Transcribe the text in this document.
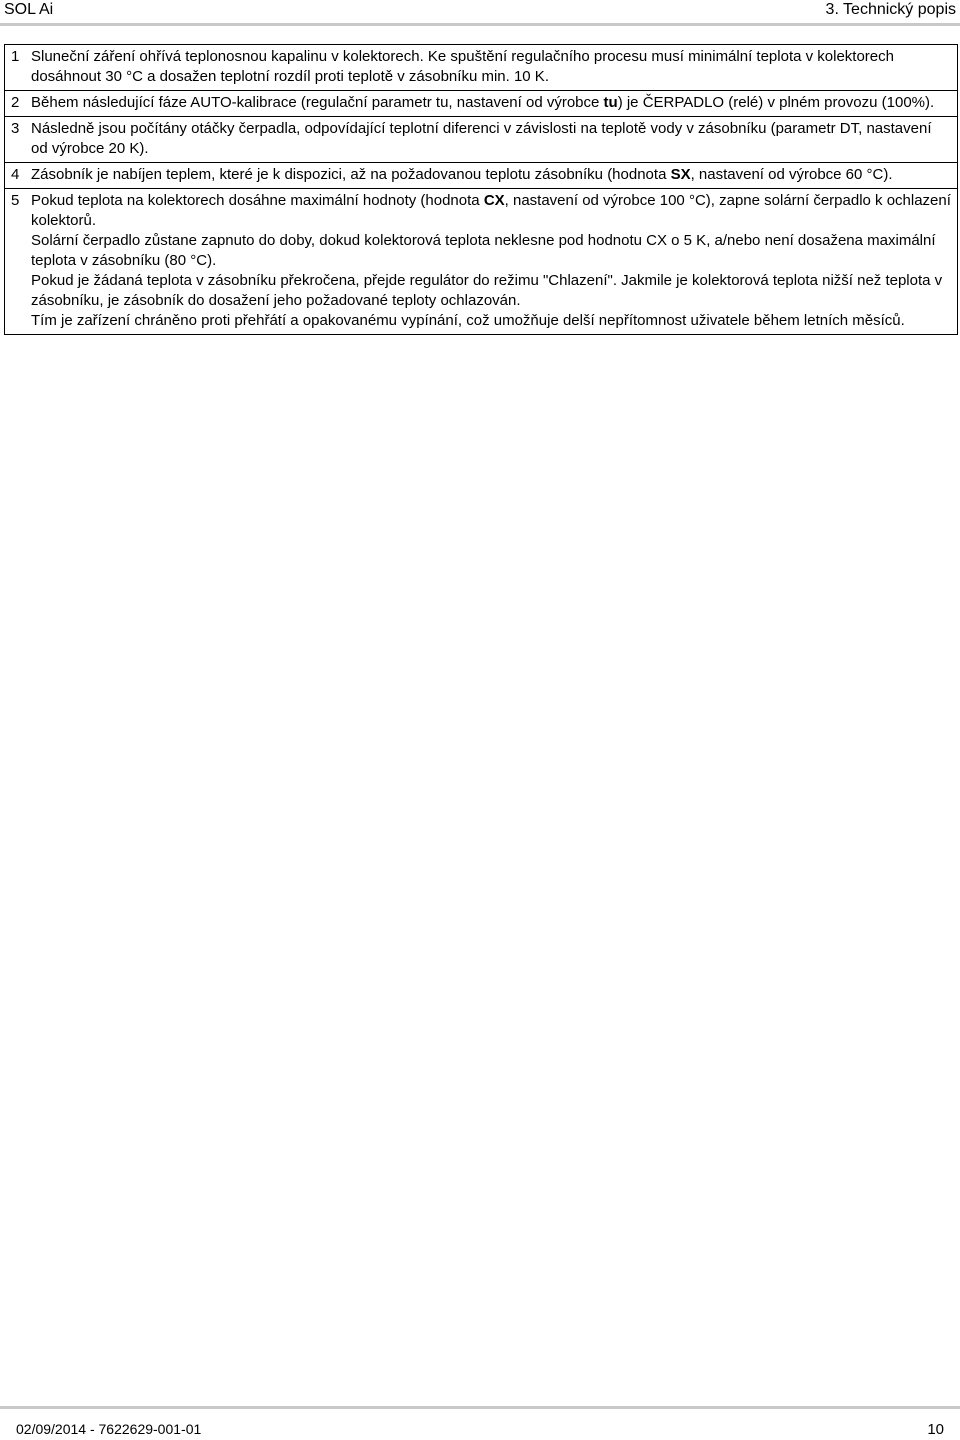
SOL Ai	3. Technický popis
1	Sluneční záření ohřívá teplonosnou kapalinu v kolektorech. Ke spuštění regulačního procesu musí minimální teplota v kolektorech dosáhnout 30 °C a dosažen teplotní rozdíl proti teplotě v zásobníku min. 10 K.

2	Během následující fáze AUTO-kalibrace (regulační parametr tu, nastavení od výrobce tu) je ČERPADLO (relé) v plném provozu (100%).

3	Následně jsou počítány otáčky čerpadla, odpovídající teplotní diferenci v závislosti na teplotě vody v zásobníku (parametr DT, nastavení od výrobce 20 K).

4	Zásobník je nabíjen teplem, které je k dispozici, až na požadovanou teplotu zásobníku (hodnota SX, nastavení od výrobce 60 °C).

5	Pokud teplota na kolektorech dosáhne maximální hodnoty (hodnota CX, nastavení od výrobce 100 °C), zapne solární čerpadlo k ochlazení kolektorů.
Solární čerpadlo zůstane zapnuto do doby, dokud kolektorová teplota neklesne pod hodnotu CX o 5 K, a/nebo není dosažena maximální teplota v zásobníku (80 °C).
Pokud je žádaná teplota v zásobníku překročena, přejde regulátor do režimu "Chlazení". Jakmile je kolektorová teplota nižší než teplota v zásobníku, je zásobník do dosažení jeho požadované teploty ochlazován.
Tím je zařízení chráněno proti přehřátí a opakovanému vypínání, což umožňuje delší nepřítomnost uživatele během letních měsíců.
02/09/2014 - 7622629-001-01	10
